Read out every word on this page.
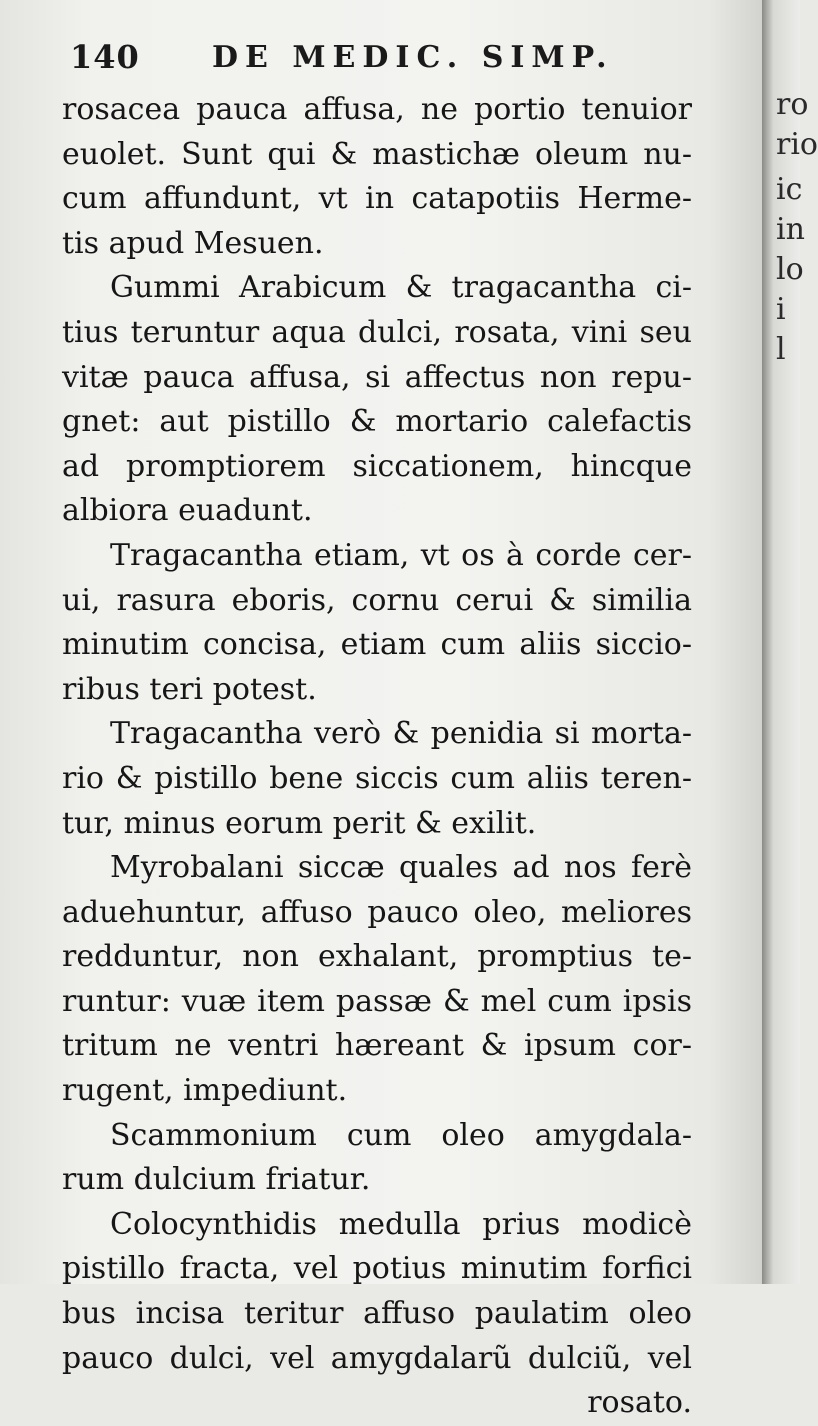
140 DE MEDIC. SIMP.
rosacea pauca affusa, ne portio tenuior
euolet. Sunt qui & mastichæ oleum nu-
cum affundunt, vt in catapotiis Herme-
tis apud Mesuen.
Gummi Arabicum & tragacantha ci-
tius teruntur aqua dulci, rosata, vini seu
vitæ pauca affusa, si affectus non repu-
gnet: aut pistillo & mortario calefactis
ad promptiorem siccationem, hincque
albiora euadunt.
Tragacantha etiam, vt os à corde cer-
ui, rasura eboris, cornu cerui & similia
minutim concisa, etiam cum aliis siccio-
ribus teri potest.
Tragacantha verò & penidia si morta-
rio & pistillo bene siccis cum aliis teren-
tur, minus eorum perit & exilit.
Myrobalani siccæ quales ad nos ferè
aduehuntur, affuso pauco oleo, meliores
redduntur, non exhalant, promptius te-
runtur: vuæ item passæ & mel cum ipsis
tritum ne ventri hæreant & ipsum cor-
rugent, impediunt.
Scammonium cum oleo amygdala-
rum dulcium friatur.
Colocynthidis medulla prius modicè
pistillo fracta, vel potius minutim forfici
bus incisa teritur affuso paulatim oleo
pauco dulci, vel amygdalarũ dulciũ, vel
rosato.
ro
rio
ic
in
lo
i
l
